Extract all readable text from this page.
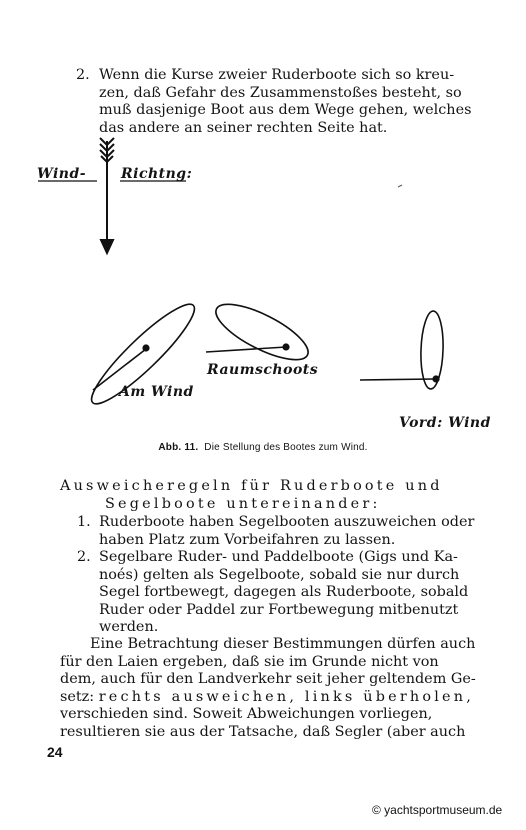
2. Wenn die Kurse zweier Ruderboote sich so kreu-
zen, daß Gefahr des Zusammenstoßes besteht, so
muß dasjenige Boot aus dem Wege gehen, welches
das andere an seiner rechten Seite hat.
Wind- Richtng:
Am Wind
Raumschoots
Vord: Wind
Abb. 11. Die Stellung des Bootes zum Wind.
Ausweicheregeln für Ruderboote und
Segelboote untereinander:
1. Ruderboote haben Segelbooten auszuweichen oder
haben Platz zum Vorbeifahren zu lassen.
2. Segelbare Ruder- und Paddelboote (Gigs und Ka-
noés) gelten als Segelboote, sobald sie nur durch
Segel fortbewegt, dagegen als Ruderboote, sobald
Ruder oder Paddel zur Fortbewegung mitbenutzt
werden.
Eine Betrachtung dieser Bestimmungen dürfen auch
für den Laien ergeben, daß sie im Grunde nicht von
dem, auch für den Landverkehr seit jeher geltendem Ge-
setz: rechts ausweichen, links überholen,
verschieden sind. Soweit Abweichungen vorliegen,
resultieren sie aus der Tatsache, daß Segler (aber auch
24
© yachtsportmuseum.de
